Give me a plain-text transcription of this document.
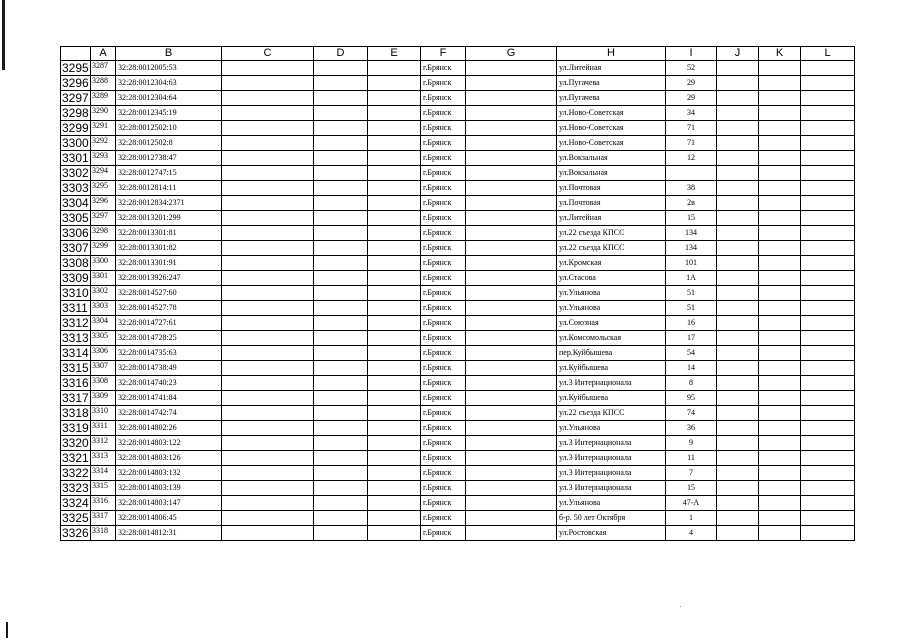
	A	B	C	D	E	F	G	H	I	J	K	L
3295	3287	32:28:0012005:53				г.Брянск		ул.Литейная	52			
3296	3288	32:28:0012304:63				г.Брянск		ул.Пугачева	29			
3297	3289	32:28:0012304:64				г.Брянск		ул.Пугачева	29			
3298	3290	32:28:0012345:19				г.Брянск		ул.Ново-Советская	34			
3299	3291	32:28:0012502:10				г.Брянск		ул.Ново-Советская	71			
3300	3292	32:28:0012502:8				г.Брянск		ул.Ново-Советская	71			
3301	3293	32:28:0012738:47				г.Брянск		ул.Вокзальная	12			
3302	3294	32:28:0012747:15				г.Брянск		ул.Вокзальная				
3303	3295	32:28:0012814:11				г.Брянск		ул.Почтовая	38			
3304	3296	32:28:0012834:2371				г.Брянск		ул.Почтовая	2в			
3305	3297	32:28:0013201:299				г.Брянск		ул.Литейная	15			
3306	3298	32:28:0013301:81				г.Брянск		ул.22 съезда КПСС	134			
3307	3299	32:28:0013301:82				г.Брянск		ул.22 съезда КПСС	134			
3308	3300	32:28:0013301:91				г.Брянск		ул.Кромская	101			
3309	3301	32:28:0013926:247				г.Брянск		ул.Стасова	1А			
3310	3302	32:28:0014527:60				г.Брянск		ул.Ульянова	51			
3311	3303	32:28:0014527:78				г.Брянск		ул.Ульянова	51			
3312	3304	32:28:0014727:61				г.Брянск		ул.Союзная	16			
3313	3305	32:28:0014728:25				г.Брянск		ул.Комсомольская	17			
3314	3306	32:28:0014735:63				г.Брянск		пер.Куйбышева	54			
3315	3307	32:28:0014738:49				г.Брянск		ул.Куйбышева	14			
3316	3308	32:28:0014740:23				г.Брянск		ул.3 Интернационала	8			
3317	3309	32:28:0014741:84				г.Брянск		ул.Куйбышева	95			
3318	3310	32:28:0014742:74				г.Брянск		ул.22 съезда КПСС	74			
3319	3311	32:28:0014802:26				г.Брянск		ул.Ульянова	36			
3320	3312	32:28:0014803:122				г.Брянск		ул.3 Интернационала	9			
3321	3313	32:28:0014803:126				г.Брянск		ул.3 Интернационала	11			
3322	3314	32:28:0014803:132				г.Брянск		ул.3 Интернационала	7			
3323	3315	32:28:0014803:139				г.Брянск		ул.3 Интернационала	15			
3324	3316	32:28:0014803:147				г.Брянск		ул.Ульянова	47-А			
3325	3317	32:28:0014806:45				г.Брянск		б-р. 50 лет Октября	1			
3326	3318	32:28:0014812:31				г.Брянск		ул.Ростовская	4			
